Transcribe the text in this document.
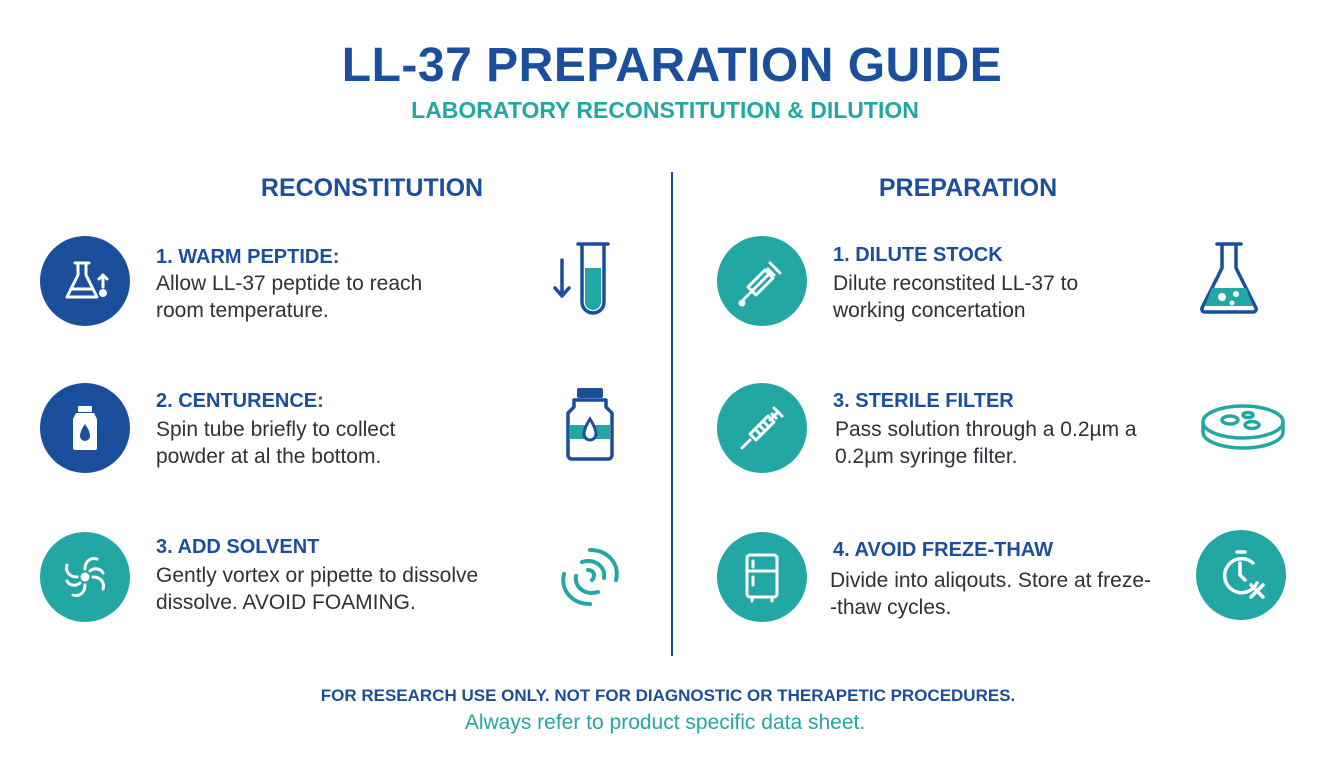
LL-37 PREPARATION GUIDE
LABORATORY RECONSTITUTION & DILUTION
RECONSTITUTION	PREPARATION
1. WARM PEPTIDE:
Allow LL-37 peptide to reach
room temperature.
2. CENTURENCE:
Spin tube briefly to collect
powder at al the bottom.
3. ADD SOLVENT
Gently vortex or pipette to dissolve
dissolve. AVOID FOAMING.
1. DILUTE STOCK
Dilute reconstited LL-37 to
working concertation
3. STERILE FILTER
Pass solution through a 0.2µm a
0.2µm syringe filter.
4. AVOID FREZE-THAW
Divide into aliqouts. Store at freze-
-thaw cycles.
FOR RESEARCH USE ONLY. NOT FOR DIAGNOSTIC OR THERAPETIC PROCEDURES.
Always refer to product specific data sheet.
